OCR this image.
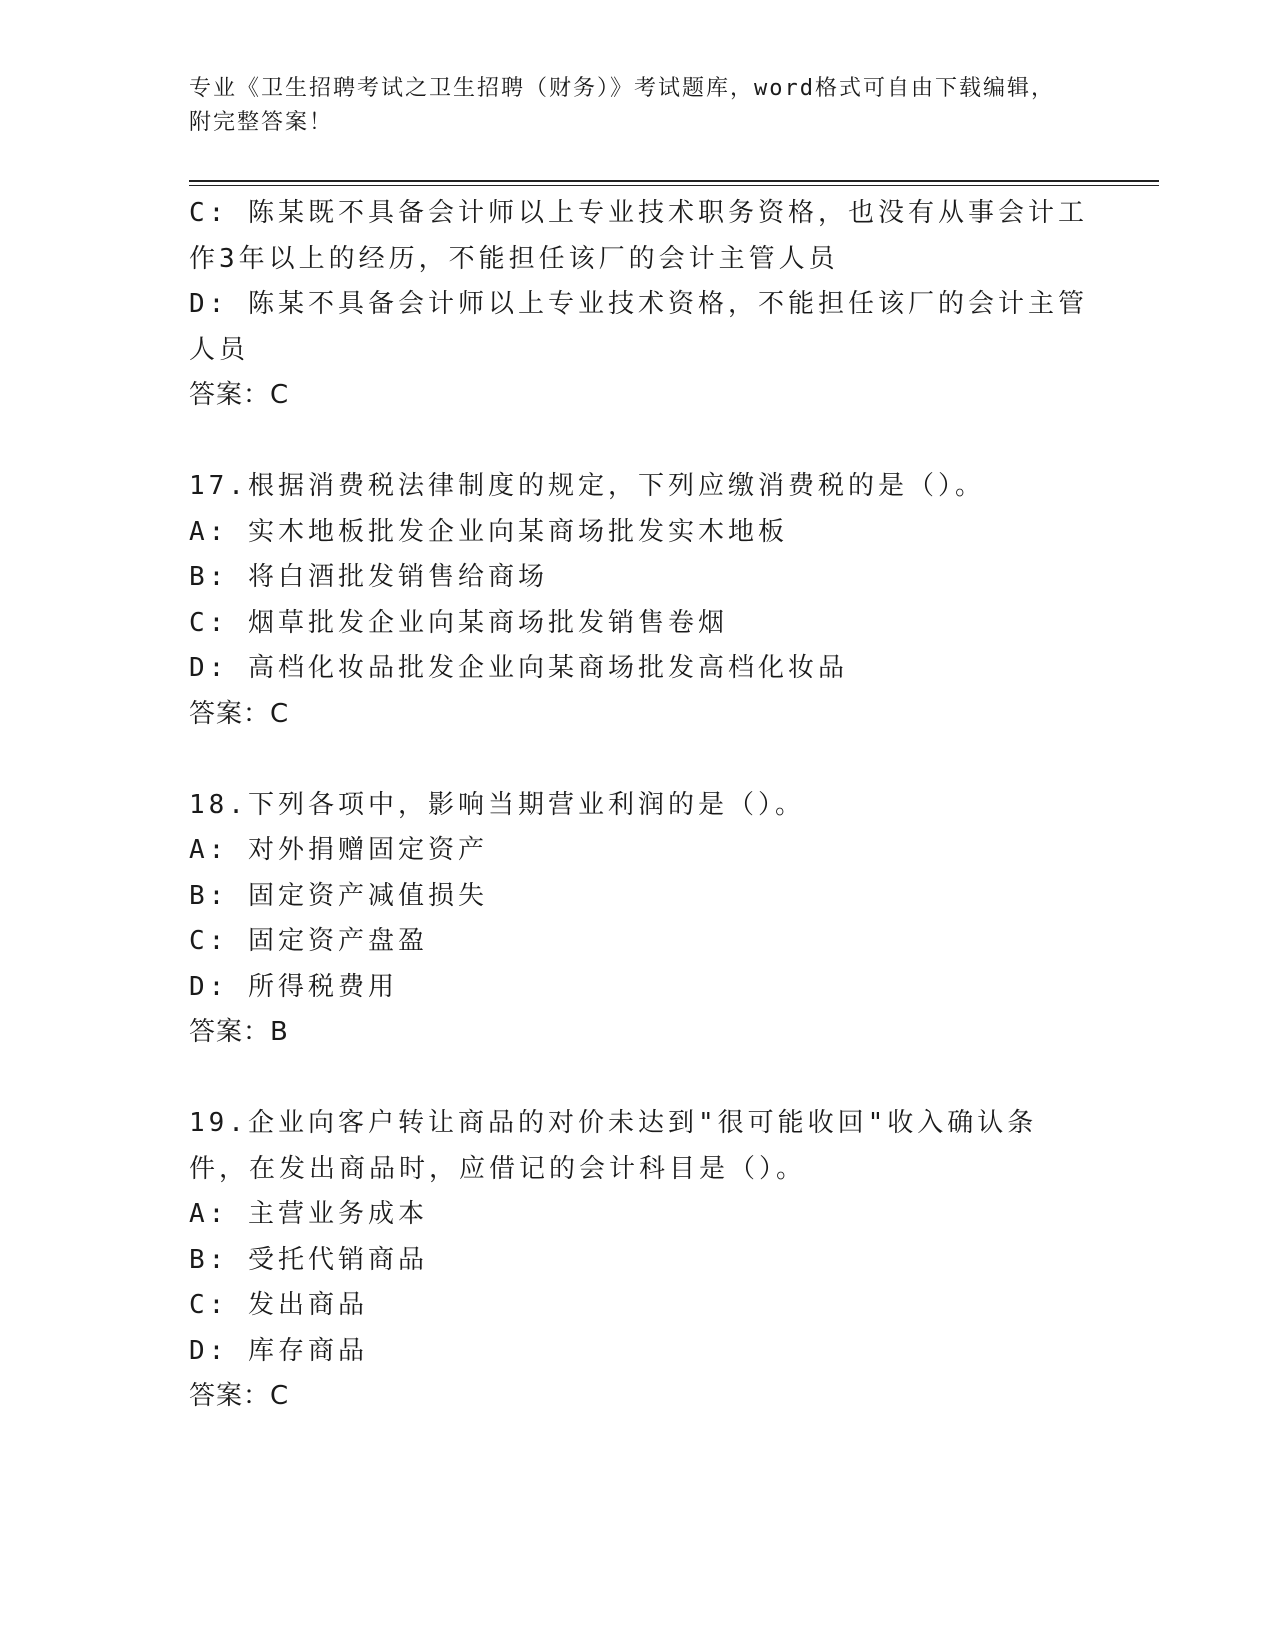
专业《卫生招聘考试之卫生招聘（财务）》考试题库，word格式可自由下载编辑，附完整答案！
C: 陈某既不具备会计师以上专业技术职务资格，也没有从事会计工作3年以上的经历，不能担任该厂的会计主管人员
D: 陈某不具备会计师以上专业技术资格，不能担任该厂的会计主管人员
答案：C
17.根据消费税法律制度的规定，下列应缴消费税的是（）。
A: 实木地板批发企业向某商场批发实木地板
B: 将白酒批发销售给商场
C: 烟草批发企业向某商场批发销售卷烟
D: 高档化妆品批发企业向某商场批发高档化妆品
答案：C
18.下列各项中，影响当期营业利润的是（）。
A: 对外捐赠固定资产
B: 固定资产减值损失
C: 固定资产盘盈
D: 所得税费用
答案：B
19.企业向客户转让商品的对价未达到"很可能收回"收入确认条件，在发出商品时，应借记的会计科目是（）。
A: 主营业务成本
B: 受托代销商品
C: 发出商品
D: 库存商品
答案：C
